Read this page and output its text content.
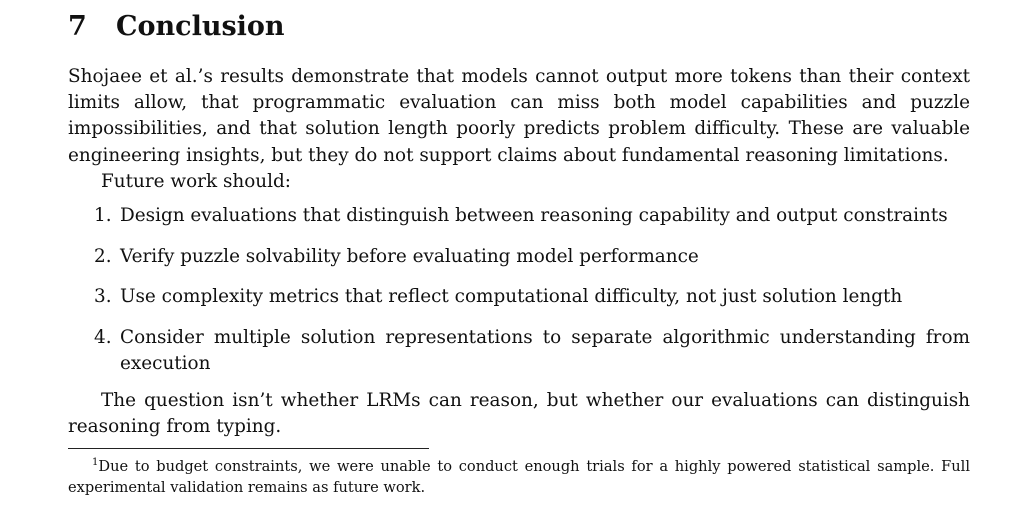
7 Conclusion

Shojaee et al.’s results demonstrate that models cannot output more tokens than their context limits allow, that programmatic evaluation can miss both model capabilities and puzzle impossibilities, and that solution length poorly predicts problem difficulty. These are valuable engineering insights, but they do not support claims about fundamental reasoning limitations.

Future work should:

1. Design evaluations that distinguish between reasoning capability and output constraints
2. Verify puzzle solvability before evaluating model performance
3. Use complexity metrics that reflect computational difficulty, not just solution length
4. Consider multiple solution representations to separate algorithmic understanding from execution

The question isn’t whether LRMs can reason, but whether our evaluations can distinguish reasoning from typing.

$^1$Due to budget constraints, we were unable to conduct enough trials for a highly powered statistical sample. Full experimental validation remains as future work.
